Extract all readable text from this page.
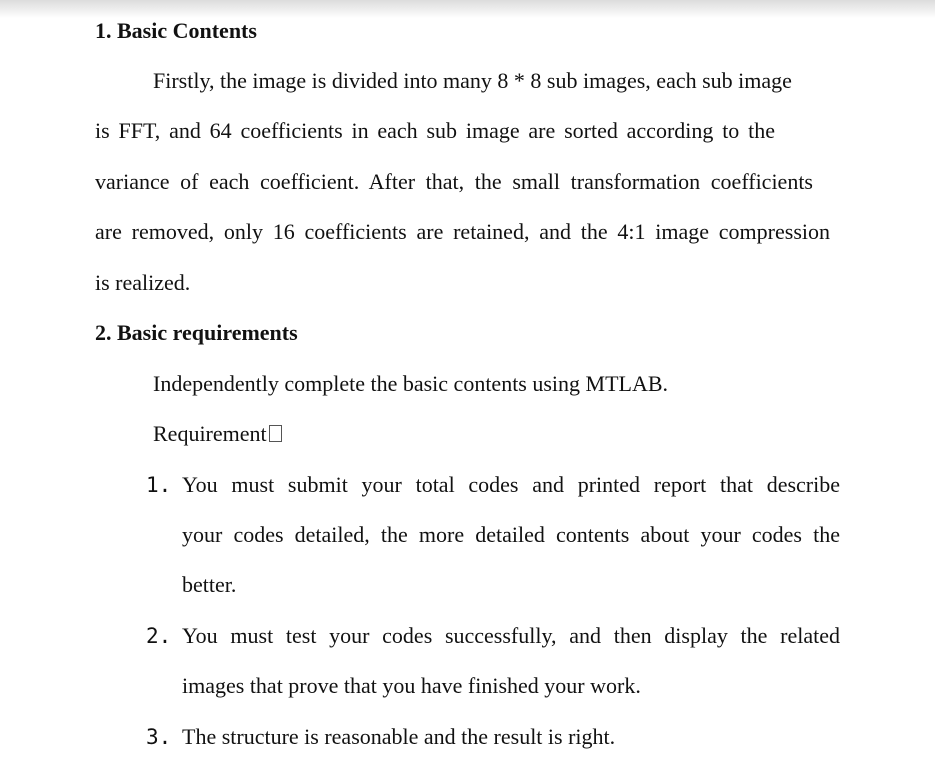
1. Basic Contents
Firstly, the image is divided into many 8 * 8 sub images, each sub image
is FFT, and 64 coefficients in each sub image are sorted according to the
variance of each coefficient. After that, the small transformation coefficients
are removed, only 16 coefficients are retained, and the 4:1 image compression
is realized.
2. Basic requirements
Independently complete the basic contents using MTLAB.
Requirement
1. You must submit your total codes and printed report that describe
your codes detailed, the more detailed contents about your codes the
better.
2. You must test your codes successfully, and then display the related
images that prove that you have finished your work.
3. The structure is reasonable and the result is right.
